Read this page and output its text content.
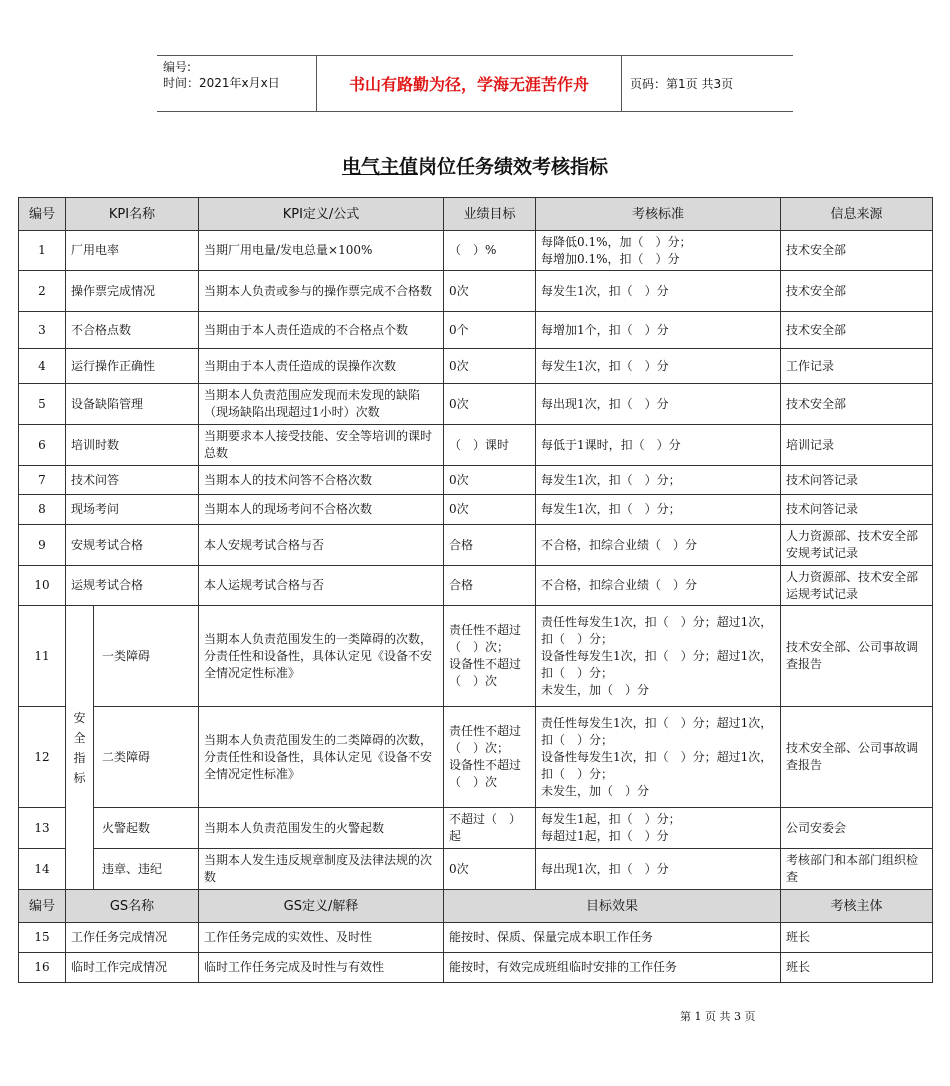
编号:
时间：2021年x月x日	书山有路勤为径，学海无涯苦作舟	页码：第1页 共3页
电气主值岗位任务绩效考核指标
编号	KPI名称		KPI定义/公式	业绩目标	考核标准	信息来源
1	厂用电率		当期厂用电量/发电总量×100%	（　）%	每降低0.1%，加（　）分；
每增加0.1%，扣（　）分	技术安全部
2	操作票完成情况		当期本人负责或参与的操作票完成不合格数	0次	每发生1次，扣（　）分	技术安全部
3	不合格点数		当期由于本人责任造成的不合格点个数	0个	每增加1个，扣（　）分	技术安全部
4	运行操作正确性		当期由于本人责任造成的误操作次数	0次	每发生1次，扣（　）分	工作记录
5	设备缺陷管理		当期本人负责范围应发现而未发现的缺陷（现场缺陷出现超过1小时）次数	0次	每出现1次，扣（　）分	技术安全部
6	培训时数		当期要求本人接受技能、安全等培训的课时总数	（　）课时	每低于1课时，扣（　）分	培训记录
7	技术问答		当期本人的技术问答不合格次数	0次	每发生1次，扣（　）分；	技术问答记录
8	现场考问		当期本人的现场考问不合格次数	0次	每发生1次，扣（　）分；	技术问答记录
9	安规考试合格		本人安规考试合格与否	合格	不合格，扣综合业绩（　）分	人力资源部、技术安全部安规考试记录
10	运规考试合格		本人运规考试合格与否	合格	不合格，扣综合业绩（　）分	人力资源部、技术安全部运规考试记录
11	安全指标	一类障碍	当期本人负责范围发生的一类障碍的次数，分责任性和设备性，具体认定见《设备不安全情况定性标准》	责任性不超过（　）次；
设备性不超过（　）次	责任性每发生1次，扣（　）分；超过1次，扣（　）分；
设备性每发生1次，扣（　）分；超过1次，扣（　）分；
未发生，加（　）分	技术安全部、公司事故调查报告
12		二类障碍	当期本人负责范围发生的二类障碍的次数，分责任性和设备性，具体认定见《设备不安全情况定性标准》	责任性不超过（　）次；
设备性不超过（　）次	责任性每发生1次，扣（　）分；超过1次，扣（　）分；
设备性每发生1次，扣（　）分；超过1次，扣（　）分；
未发生，加（　）分	技术安全部、公司事故调查报告
13		火警起数	当期本人负责范围发生的火警起数	不超过（　）起	每发生1起，扣（　）分；
每超过1起，扣（　）分	公司安委会
14		违章、违纪	当期本人发生违反规章制度及法律法规的次数	0次	每出现1次，扣（　）分	考核部门和本部门组织检查
编号	GS名称		GS定义/解释	目标效果		考核主体
15	工作任务完成情况		工作任务完成的实效性、及时性	能按时、保质、保量完成本职工作任务		班长
16	临时工作完成情况		临时工作任务完成及时性与有效性	能按时，有效完成班组临时安排的工作任务		班长
第 1 页 共 3 页
